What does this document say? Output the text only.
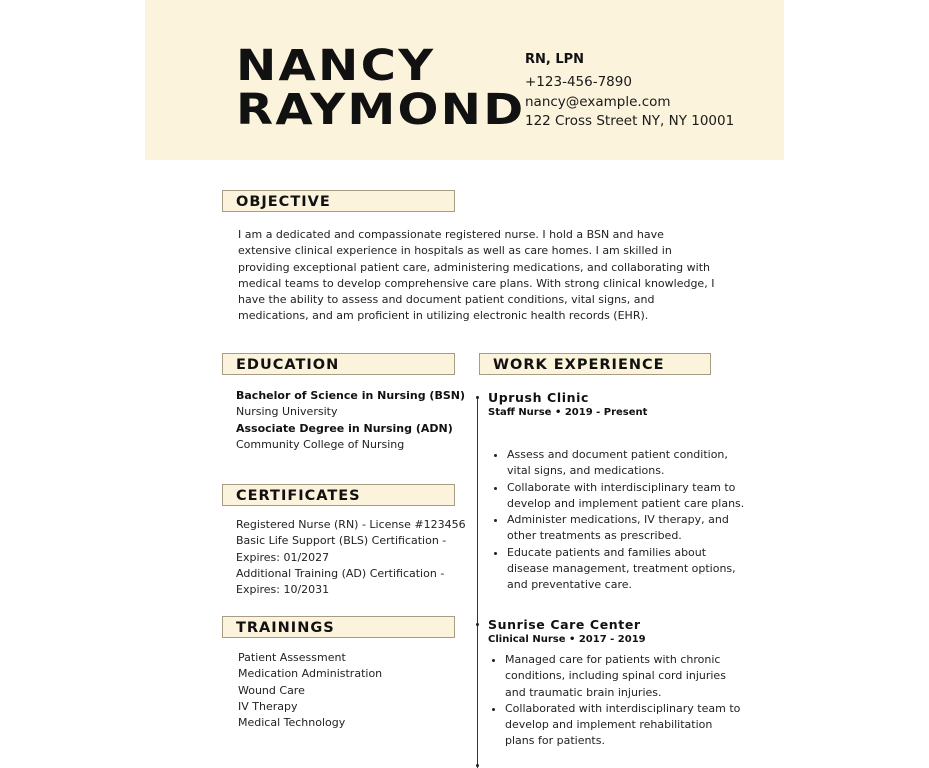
NANCY
RAYMOND
RN, LPN
+123-456-7890
nancy@example.com
122 Cross Street NY, NY 10001
OBJECTIVE

I am a dedicated and compassionate registered nurse. I hold a BSN and have extensive clinical experience in hospitals as well as care homes. I am skilled in providing exceptional patient care, administering medications, and collaborating with medical teams to develop comprehensive care plans. With strong clinical knowledge, I have the ability to assess and document patient conditions, vital signs, and medications, and am proficient in utilizing electronic health records (EHR).

EDUCATION
Bachelor of Science in Nursing (BSN)
Nursing University
Associate Degree in Nursing (ADN)
Community College of Nursing
CERTIFICATES
Registered Nurse (RN) - License #123456
Basic Life Support (BLS) Certification - Expires: 01/2027
Additional Training (AD) Certification - Expires: 10/2031
TRAININGS
Patient Assessment
Medication Administration
Wound Care
IV Therapy
Medical Technology
WORK EXPERIENCE
Uprush Clinic
Staff Nurse • 2019 - Present
• Assess and document patient condition, vital signs, and medications.
• Collaborate with interdisciplinary team to develop and implement patient care plans.
• Administer medications, IV therapy, and other treatments as prescribed.
• Educate patients and families about disease management, treatment options, and preventative care.
Sunrise Care Center
Clinical Nurse • 2017 - 2019
• Managed care for patients with chronic conditions, including spinal cord injuries and traumatic brain injuries.
• Collaborated with interdisciplinary team to develop and implement rehabilitation plans for patients.
